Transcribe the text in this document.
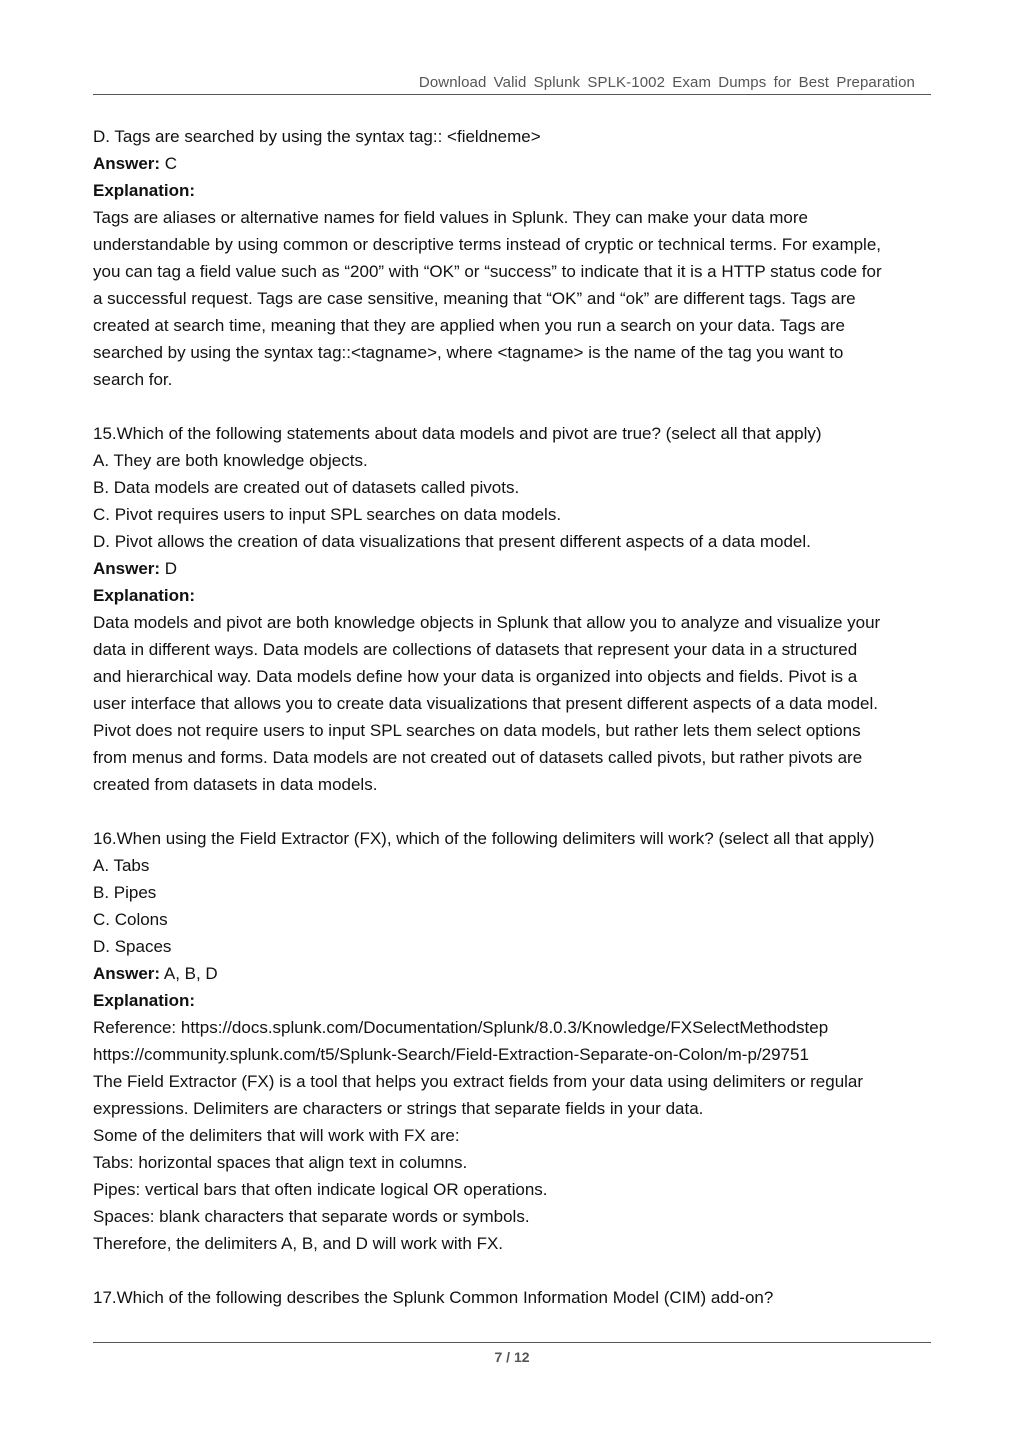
Download Valid Splunk SPLK-1002 Exam Dumps for Best Preparation
D. Tags are searched by using the syntax tag:: <fieldneme>
Answer: C
Explanation:
Tags are aliases or alternative names for field values in Splunk. They can make your data more
understandable by using common or descriptive terms instead of cryptic or technical terms. For example,
you can tag a field value such as “200” with “OK” or “success” to indicate that it is a HTTP status code for
a successful request. Tags are case sensitive, meaning that “OK” and “ok” are different tags. Tags are
created at search time, meaning that they are applied when you run a search on your data. Tags are
searched by using the syntax tag::<tagname>, where <tagname> is the name of the tag you want to
search for.
15.Which of the following statements about data models and pivot are true? (select all that apply)
A. They are both knowledge objects.
B. Data models are created out of datasets called pivots.
C. Pivot requires users to input SPL searches on data models.
D. Pivot allows the creation of data visualizations that present different aspects of a data model.
Answer: D
Explanation:
Data models and pivot are both knowledge objects in Splunk that allow you to analyze and visualize your
data in different ways. Data models are collections of datasets that represent your data in a structured
and hierarchical way. Data models define how your data is organized into objects and fields. Pivot is a
user interface that allows you to create data visualizations that present different aspects of a data model.
Pivot does not require users to input SPL searches on data models, but rather lets them select options
from menus and forms. Data models are not created out of datasets called pivots, but rather pivots are
created from datasets in data models.
16.When using the Field Extractor (FX), which of the following delimiters will work? (select all that apply)
A. Tabs
B. Pipes
C. Colons
D. Spaces
Answer: A, B, D
Explanation:
Reference: https://docs.splunk.com/Documentation/Splunk/8.0.3/Knowledge/FXSelectMethodstep
https://community.splunk.com/t5/Splunk-Search/Field-Extraction-Separate-on-Colon/m-p/29751
The Field Extractor (FX) is a tool that helps you extract fields from your data using delimiters or regular
expressions. Delimiters are characters or strings that separate fields in your data.
Some of the delimiters that will work with FX are:
Tabs: horizontal spaces that align text in columns.
Pipes: vertical bars that often indicate logical OR operations.
Spaces: blank characters that separate words or symbols.
Therefore, the delimiters A, B, and D will work with FX.
17.Which of the following describes the Splunk Common Information Model (CIM) add-on?
7 / 12
